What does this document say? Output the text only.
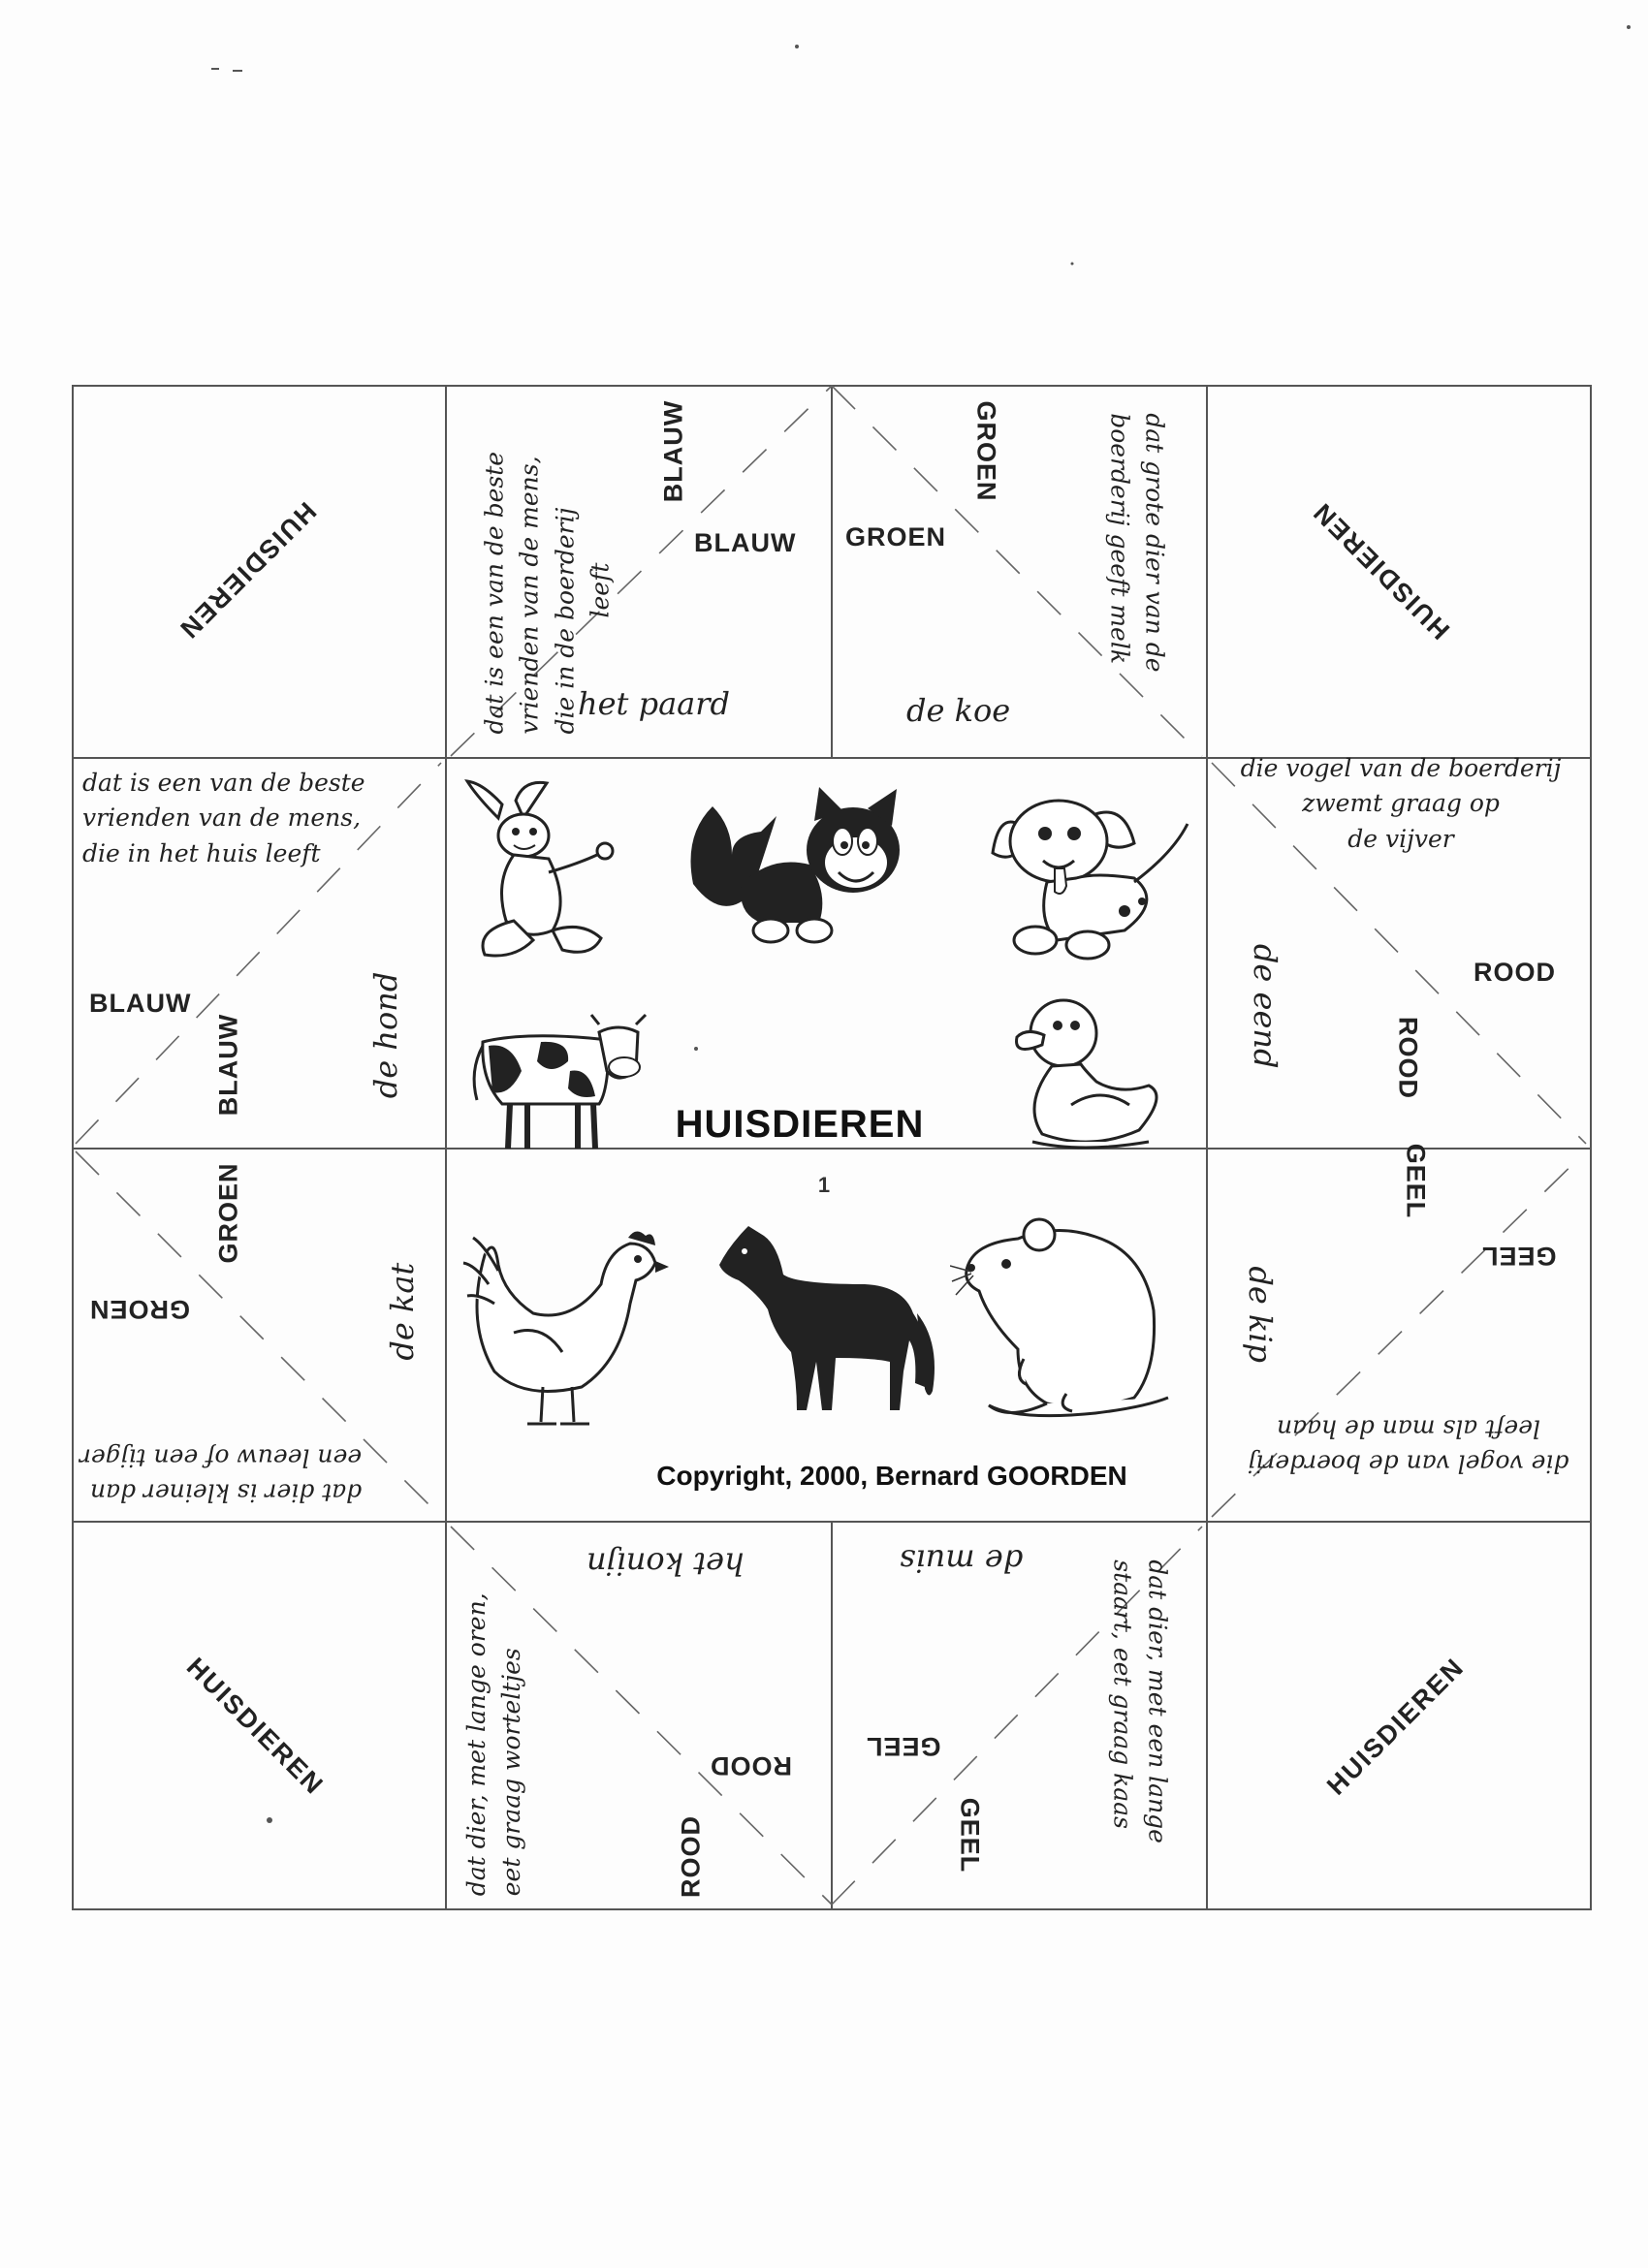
HUISDIEREN	HUISDIEREN
HUISDIEREN	HUISDIEREN
dat is een van de beste vrienden van de mens, die in de boerderij leeft
BLAUW
BLAUW GROEN
GROEN
het paard	de koe
dat grote dier van de
boerderij geeft melk
dat is een van de beste
vrienden van de mens,
die in het huis leeft
BLAUW
BLAUW	de hond
GROEN
GROEN	de kat
dat dier is kleiner dan
een leeuw of een tijger
die vogel van de boerderij
zwemt graag op
de vijver
de eend	ROOD
ROOD
GEEL
GEEL
de kip
die vogel van de boerderij
leeft als man de haan
het konijn	de muis
dat dier, met lange oren, eet graag worteltjes	ROOD
ROOD
GEEL
GEEL	dat dier, met een lange
staart, eet graag kaas
HUISDIEREN
1
Copyright, 2000, Bernard GOORDEN
